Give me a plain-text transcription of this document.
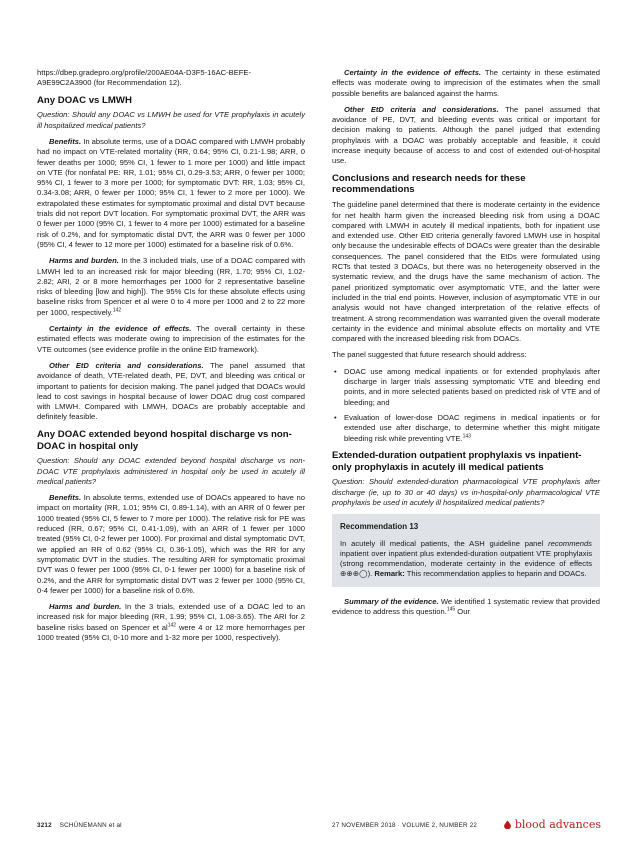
https://dbep.gradepro.org/profile/200AE04A-D3F5-16AC-BEFE-A9E99C2A3900 (for Recommendation 12).

Any DOAC vs LMWH

Question: Should any DOAC vs LMWH be used for VTE prophylaxis in acutely ill hospitalized medical patients?

Benefits. In absolute terms, use of a DOAC compared with LMWH probably had no impact on VTE-related mortality (RR, 0.64; 95% CI, 0.21-1.98; ARR, 0 fewer deaths per 1000; 95% CI, 1 fewer to 1 more per 1000) and little impact on VTE (for nonfatal PE: RR, 1.01; 95% CI, 0.29-3.53; ARR, 0 fewer per 1000; 95% CI, 1 fewer to 3 more per 1000; for symptomatic DVT: RR, 1.03; 95% CI, 0.34-3.08; ARR, 0 fewer per 1000; 95% CI, 1 fewer to 2 more per 1000). We extrapolated these estimates for symptomatic proximal and distal DVT because trials did not report DVT location. For symptomatic proximal DVT, the ARR was 0 fewer per 1000 (95% CI, 1 fewer to 4 more per 1000) estimated for a baseline risk of 0.2%, and for symptomatic distal DVT, the ARR was 0 fewer per 1000 (95% CI, 4 fewer to 12 more per 1000) estimated for a baseline risk of 0.6%.

Harms and burden. In the 3 included trials, use of a DOAC compared with LMWH led to an increased risk for major bleeding (RR, 1.70; 95% CI, 1.02-2.82; ARI, 2 or 8 more hemorrhages per 1000 for 2 representative baseline risks of bleeding [low and high]). The 95% CIs for these absolute effects using baseline risks from Spencer et al were 0 to 4 more per 1000 and 2 to 22 more per 1000, respectively.$^{142}$

Certainty in the evidence of effects. The overall certainty in these estimated effects was moderate owing to imprecision of the estimates for the VTE outcomes (see evidence profile in the online EtD framework).

Other EtD criteria and considerations. The panel assumed that avoidance of death, VTE-related death, PE, DVT, and bleeding was critical or important to patients for decision making. The panel judged that DOACs would lead to cost savings in hospital because of lower DOAC drug cost compared with LMWH. Compared with LMWH, DOACs are probably acceptable and definitely feasible.

Any DOAC extended beyond hospital discharge vs non-DOAC in hospital only

Question: Should any DOAC extended beyond hospital discharge vs non-DOAC VTE prophylaxis administered in hospital only be used in acutely ill medical patients?

Benefits. In absolute terms, extended use of DOACs appeared to have no impact on mortality (RR, 1.01; 95% CI, 0.89-1.14), with an ARR of 0 fewer per 1000 treated (95% CI, 5 fewer to 7 more per 1000). The relative risk for PE was reduced (RR, 0.67; 95% CI, 0.41-1.09), with an ARR of 1 fewer per 1000 treated (95% CI, 0-2 fewer per 1000). For proximal and distal symptomatic DVT, we applied an RR of 0.62 (95% CI, 0.36-1.05), which was the RR for any symptomatic DVT in the studies. The resulting ARR for symptomatic proximal DVT was 0 fewer per 1000 (95% CI, 0-1 fewer per 1000) for a baseline risk of 0.2%, and the ARR for symptomatic distal DVT was 2 fewer per 1000 (95% CI, 0-4 fewer per 1000) for a baseline risk of 0.6%.

Harms and burden. In the 3 trials, extended use of a DOAC led to an increased risk for major bleeding (RR, 1.99; 95% CI, 1.08-3.65). The ARI for 2 baseline risks based on Spencer et $al^{142}$ were 4 or 12 more hemorrhages per 1000 treated (95% CI, 0-10 more and 1-32 more per 1000, respectively).

Certainty in the evidence of effects. The certainty in these estimated effects was moderate owing to imprecision of the estimates when the small possible benefits are balanced against the harms.

Other EtD criteria and considerations. The panel assumed that avoidance of PE, DVT, and bleeding events was critical or important for decision making to patients. Although the panel judged that extending prophylaxis with a DOAC was probably acceptable and feasible, it could increase inequity because of access to and cost of extended out-of-hospital use.

Conclusions and research needs for these recommendations

The guideline panel determined that there is moderate certainty in the evidence for net health harm given the increased bleeding risk from using a DOAC compared with LMWH in acutely ill medical inpatients, both for inpatient use and extended use. Other EtD criteria generally favored LMWH use in hospital only because the undesirable effects of DOACs were greater than the desirable consequences. The panel considered that the EtDs were formulated using RCTs that tested 3 DOACs, but there was no heterogeneity observed in the systematic review, and the drugs have the same mechanism of action. The panel prioritized symptomatic over asymptomatic VTE, and the latter were included in the trial end points. However, inclusion of asymptomatic VTE in our analysis would not have changed interpretation of the relative effects of treatment. A strong recommendation was warranted given the overall moderate certainty in the evidence and minimal absolute effects on mortality and VTE compared with the increased bleeding risk from DOACs.

The panel suggested that future research should address:

• DOAC use among medical inpatients or for extended prophylaxis after discharge in larger trials assessing symptomatic VTE and bleeding end points, and in more selected patients based on predicted risk of VTE and of bleeding; and
• Evaluation of lower-dose DOAC regimens in medical inpatients or for extended use after discharge, to determine whether this might mitigate bleeding risk while preventing VTE.$^{143}$
Extended-duration outpatient prophylaxis vs inpatient-only prophylaxis in acutely ill medical patients

Question: Should extended-duration pharmacological VTE prophylaxis after discharge (ie, up to 30 or 40 days) vs in-hospital-only pharmacological VTE prophylaxis be used in acutely ill hospitalized medical patients?

Recommendation 13
In acutely ill medical patients, the ASH guideline panel recommends inpatient over inpatient plus extended-duration outpatient VTE prophylaxis (strong recommendation, moderate certainty in the evidence of effects ⊕⊕⊕◯). Remark: This recommendation applies to heparin and DOACs.

Summary of the evidence. We identified 1 systematic review that provided evidence to address this question.$^{145}$ Our

3212 SCHÜNEMANN et al	27 NOVEMBER 2018 · VOLUME 2, NUMBER 22	blood advances
